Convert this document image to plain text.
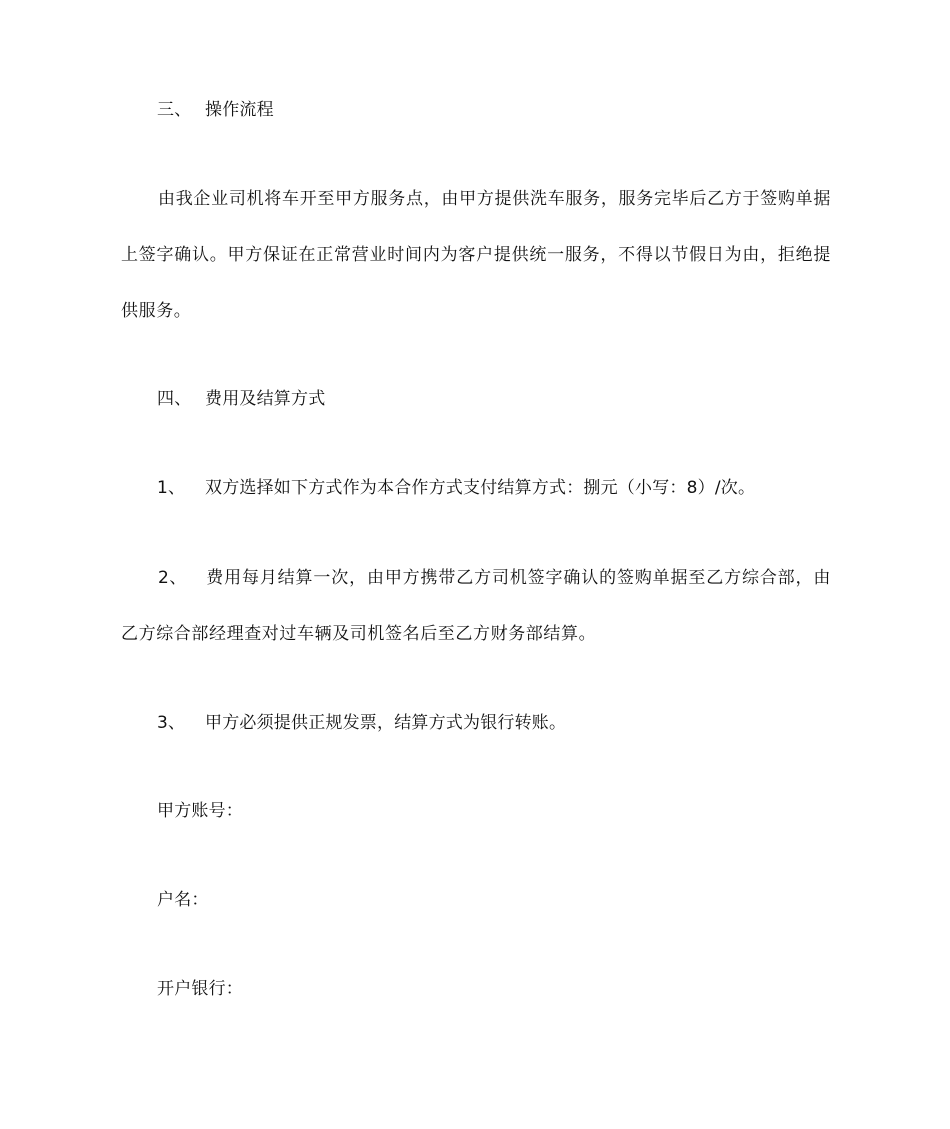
三、 操作流程

由我企业司机将车开至甲方服务点，由甲方提供洗车服务，服务完毕后乙方于签购单据上签字确认。甲方保证在正常营业时间内为客户提供统一服务，不得以节假日为由，拒绝提供服务。

四、 费用及结算方式
1、 双方选择如下方式作为本合作方式支付结算方式：捌元（小写：8）/次。

2、 费用每月结算一次，由甲方携带乙方司机签字确认的签购单据至乙方综合部，由乙方综合部经理查对过车辆及司机签名后至乙方财务部结算。

3、 甲方必须提供正规发票，结算方式为银行转账。
甲方账号：
户名：
开户银行：
